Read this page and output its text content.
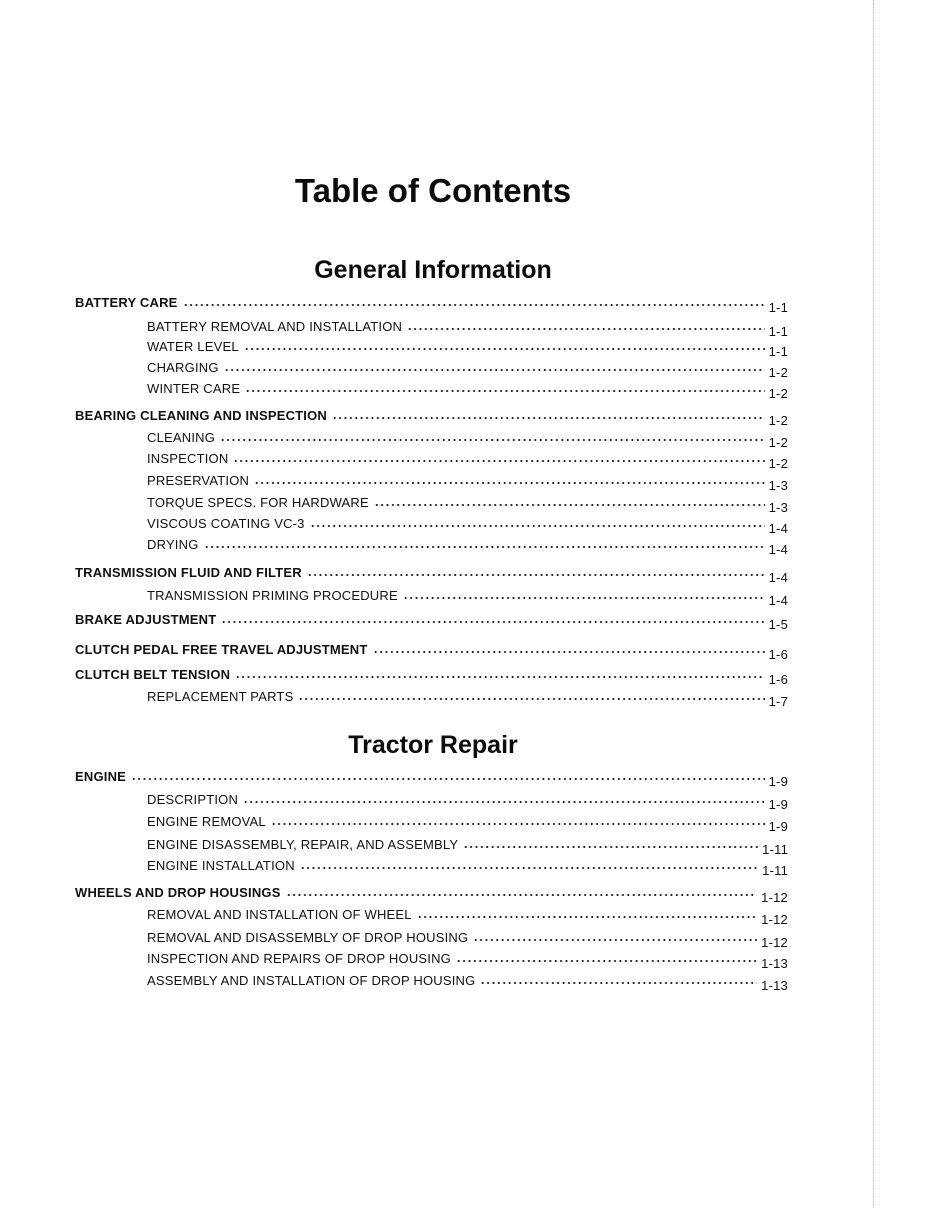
Table of Contents
General Information
Tractor Repair
BATTERY CARE	1-1
BATTERY REMOVAL AND INSTALLATION	1-1
WATER LEVEL	1-1
CHARGING	1-2
WINTER CARE	1-2
BEARING CLEANING AND INSPECTION	1-2
CLEANING	1-2
INSPECTION	1-2
PRESERVATION	1-3
TORQUE SPECS. FOR HARDWARE	1-3
VISCOUS COATING VC-3	1-4
DRYING	1-4
TRANSMISSION FLUID AND FILTER	1-4
TRANSMISSION PRIMING PROCEDURE	1-4
BRAKE ADJUSTMENT	1-5
CLUTCH PEDAL FREE TRAVEL ADJUSTMENT	1-6
CLUTCH BELT TENSION	1-6
REPLACEMENT PARTS	1-7
ENGINE	1-9
DESCRIPTION	1-9
ENGINE REMOVAL	1-9
ENGINE DISASSEMBLY, REPAIR, AND ASSEMBLY	1-11
ENGINE INSTALLATION	1-11
WHEELS AND DROP HOUSINGS	1-12
REMOVAL AND INSTALLATION OF WHEEL	1-12
REMOVAL AND DISASSEMBLY OF DROP HOUSING	1-12
INSPECTION AND REPAIRS OF DROP HOUSING	1-13
ASSEMBLY AND INSTALLATION OF DROP HOUSING	1-13
